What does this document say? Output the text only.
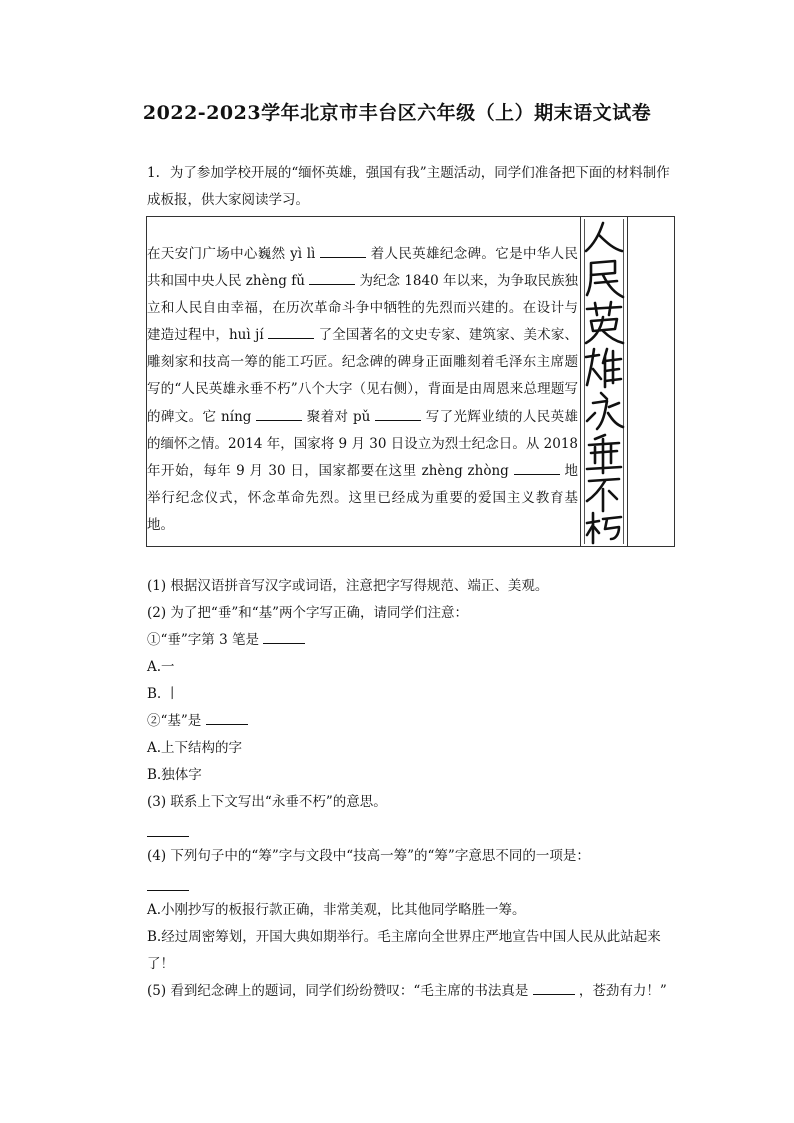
2022-2023学年北京市丰台区六年级（上）期末语文试卷
1. 为了参加学校开展的“缅怀英雄，强国有我”主题活动，同学们准备把下面的材料制作成板报，供大家阅读学习。
在天安门广场中心巍然 yì lì	着人民英雄纪念碑。它是中华人民共和国中央人民 zhèng fǔ	为纪念 1840 年以来，为争取民族独立和人民自由幸福，在历次革命斗争中牺牲的先烈而兴建的。在设计与建造过程中，huì jí	了全国著名的文史专家、建筑家、美术家、雕刻家和技高一筹的能工巧匠。纪念碑的碑身正面雕刻着毛泽东主席题写的“人民英雄永垂不朽”八个大字（见右侧），背面是由周恩来总理题写的碑文。它 níng	聚着对 pǔ	写了光辉业绩的人民英雄的缅怀之情。2014 年，国家将 9 月 30 日设立为烈士纪念日。从 2018 年开始，每年 9 月 30 日，国家都要在这里 zhèng zhòng	地举行纪念仪式，怀念革命先烈。这里已经成为重要的爱国主义教育基地。
(1) 根据汉语拼音写汉字或词语，注意把字写得规范、端正、美观。
(2) 为了把“垂”和“基”两个字写正确，请同学们注意：
①“垂”字第 3 笔是
A.一
B. 丨
②“基”是
A.上下结构的字
B.独体字
(3) 联系上下文写出“永垂不朽”的意思。
(4) 下列句子中的“筹”字与文段中“技高一筹”的“筹”字意思不同的一项是：
A.小刚抄写的板报行款正确，非常美观，比其他同学略胜一筹。
B.经过周密筹划，开国大典如期举行。毛主席向全世界庄严地宣告中国人民从此站起来了！
(5) 看到纪念碑上的题词，同学们纷纷赞叹：“毛主席的书法真是	，苍劲有力！”
